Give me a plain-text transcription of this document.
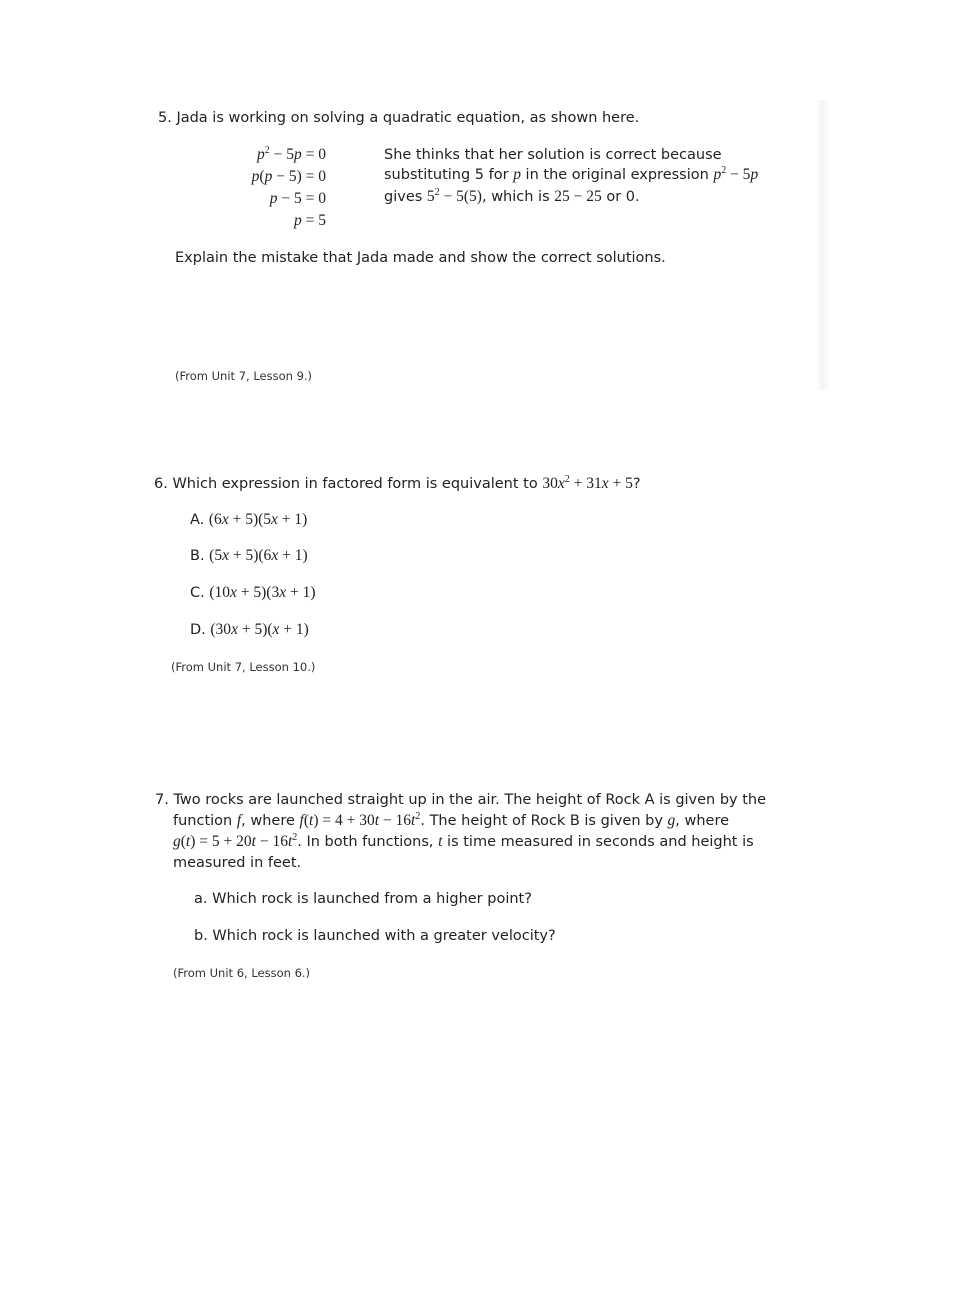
5. Jada is working on solving a quadratic equation, as shown here.
$p^2 - 5p = 0$
p(p − 5) = 0
p − 5 = 0
p = 5
She thinks that her solution is correct because
substituting 5 for p in the original expression $p^2 - 5p$
gives $5^2 - 5(5)$, which is 25 − 25 or 0.
Explain the mistake that Jada made and show the correct solutions.
(From Unit 7, Lesson 9.)
6. Which expression in factored form is equivalent to $30x^2 + 31x + 5$?
A. (6x + 5)(5x + 1)
B. (5x + 5)(6x + 1)
C. (10x + 5)(3x + 1)
D. (30x + 5)(x + 1)
(From Unit 7, Lesson 10.)
7. Two rocks are launched straight up in the air. The height of Rock A is given by the
function f, where $f(t) = 4 + 30t - 16t^2$. The height of Rock B is given by g, where
$g(t) = 5 + 20t - 16t^2$. In both functions, t is time measured in seconds and height is
measured in feet.
a. Which rock is launched from a higher point?
b. Which rock is launched with a greater velocity?
(From Unit 6, Lesson 6.)
